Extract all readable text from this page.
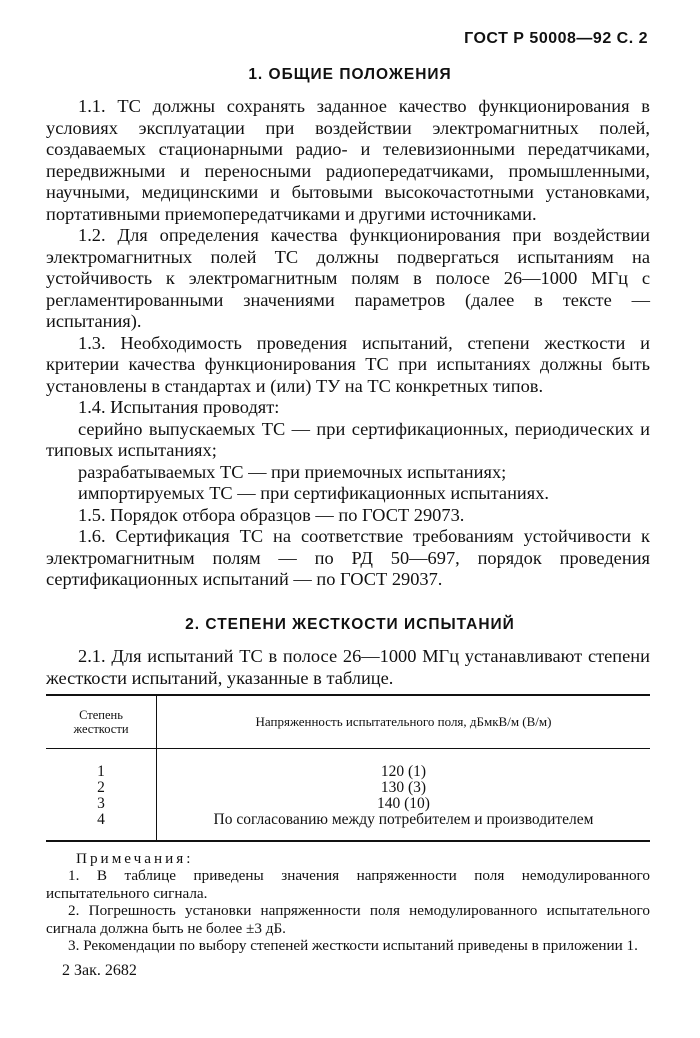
ГОСТ Р 50008—92 С. 2
1. ОБЩИЕ ПОЛОЖЕНИЯ

1.1. ТС должны сохранять заданное качество функционирования в условиях эксплуатации при воздействии электромагнитных полей, создаваемых стационарными радио- и телевизионными передатчиками, передвижными и переносными радиопередатчиками, промышленными, научными, медицинскими и бытовыми высокочастотными установками, портативными приемопередатчиками и другими источниками.

1.2. Для определения качества функционирования при воздействии электромагнитных полей ТС должны подвергаться испытаниям на устойчивость к электромагнитным полям в полосе 26—1000 МГц с регламентированными значениями параметров (далее в тексте — испытания).

1.3. Необходимость проведения испытаний, степени жесткости и критерии качества функционирования ТС при испытаниях должны быть установлены в стандартах и (или) ТУ на ТС конкретных типов.

1.4. Испытания проводят:

серийно выпускаемых ТС — при сертификационных, периодических и типовых испытаниях;

разрабатываемых ТС — при приемочных испытаниях;

импортируемых ТС — при сертификационных испытаниях.

1.5. Порядок отбора образцов — по ГОСТ 29073.

1.6. Сертификация ТС на соответствие требованиям устойчивости к электромагнитным полям — по РД 50—697, порядок проведения сертификационных испытаний — по ГОСТ 29037.

2. СТЕПЕНИ ЖЕСТКОСТИ ИСПЫТАНИЙ

2.1. Для испытаний ТС в полосе 26—1000 МГц устанавливают степени жесткости испытаний, указанные в таблице.

Степень
жесткости	Напряженность испытательного поля, дБмкВ/м (В/м)
1
2
3
4
120 (1)
130 (3)
140 (10)
По согласованию между потребителем и производителем

Примечания:

1. В таблице приведены значения напряженности поля немодулированного испытательного сигнала.

2. Погрешность установки напряженности поля немодулированного испытательного сигнала должна быть не более ±3 дБ.

3. Рекомендации по выбору степеней жесткости испытаний приведены в приложении 1.

2 Зак. 2682
